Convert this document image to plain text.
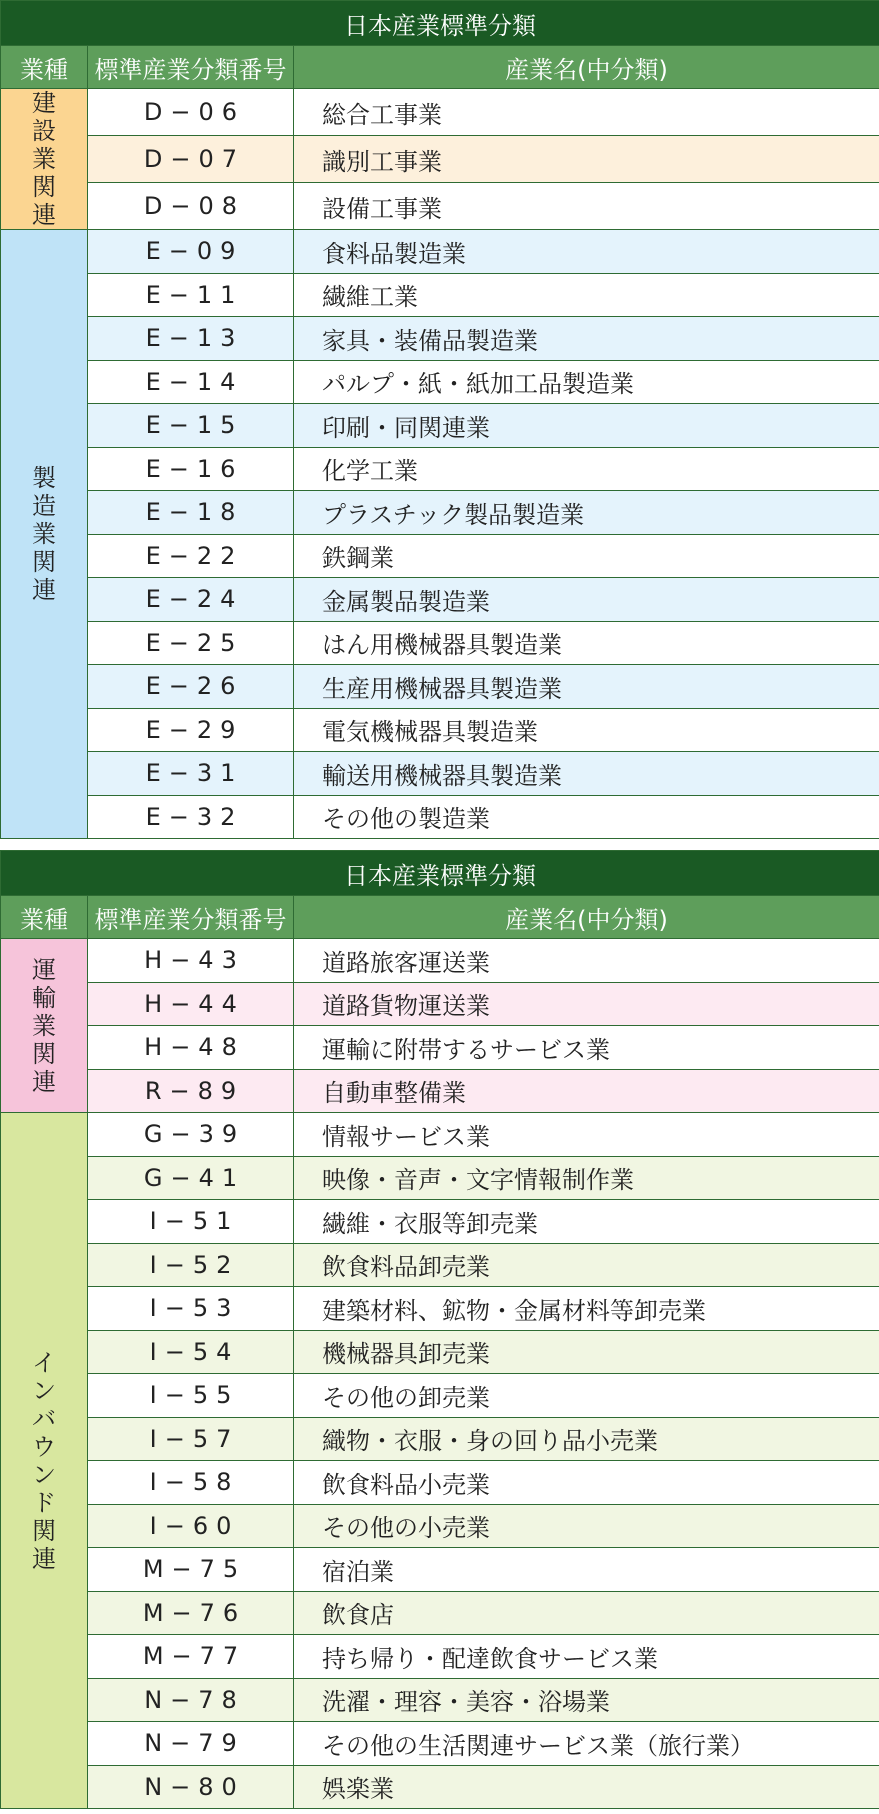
日本産業標準分類		
業種	標準産業分類番号	産業名(中分類)
建設業関連	D−06	総合工事業
	D−07	識別工事業
	D−08	設備工事業
製造業関連	E−09	食料品製造業
	E−11	繊維工業
	E−13	家具・装備品製造業
	E−14	パルプ・紙・紙加工品製造業
	E−15	印刷・同関連業
	E−16	化学工業
	E−18	プラスチック製品製造業
	E−22	鉄鋼業
	E−24	金属製品製造業
	E−25	はん用機械器具製造業
	E−26	生産用機械器具製造業
	E−29	電気機械器具製造業
	E−31	輸送用機械器具製造業
	E−32	その他の製造業
日本産業標準分類		
業種	標準産業分類番号	産業名(中分類)
運輸業関連	H−43	道路旅客運送業
	H−44	道路貨物運送業
	H−48	運輸に附帯するサービス業
	R−89	自動車整備業
インバウンド関連	G−39	情報サービス業
	G−41	映像・音声・文字情報制作業
	I−51	繊維・衣服等卸売業
	I−52	飲食料品卸売業
	I−53	建築材料、鉱物・金属材料等卸売業
	I−54	機械器具卸売業
	I−55	その他の卸売業
	I−57	織物・衣服・身の回り品小売業
	I−58	飲食料品小売業
	I−60	その他の小売業
	M−75	宿泊業
	M−76	飲食店
	M−77	持ち帰り・配達飲食サービス業
	N−78	洗濯・理容・美容・浴場業
	N−79	その他の生活関連サービス業（旅行業）
	N−80	娯楽業
